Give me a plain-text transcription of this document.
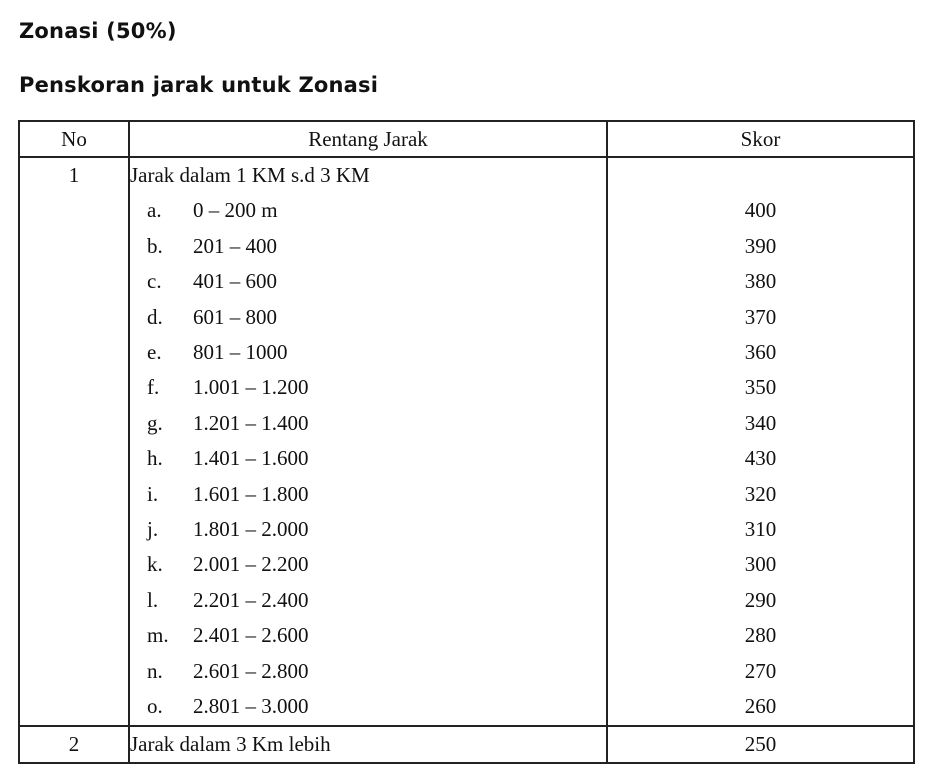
Zonasi (50%)
Penskoran jarak untuk Zonasi
No	Rentang Jarak	Skor
1	Jarak dalam 1 KM s.d 3 KM	
	a. 0 – 200 m	400
	b. 201 – 400	390
	c. 401 – 600	380
	d. 601 – 800	370
	e. 801 – 1000	360
	f. 1.001 – 1.200	350
	g. 1.201 – 1.400	340
	h. 1.401 – 1.600	430
	i. 1.601 – 1.800	320
	j. 1.801 – 2.000	310
	k. 2.001 – 2.200	300
	l. 2.201 – 2.400	290
	m. 2.401 – 2.600	280
	n. 2.601 – 2.800	270
	o. 2.801 – 3.000	260
2	Jarak dalam 3 Km lebih	250
